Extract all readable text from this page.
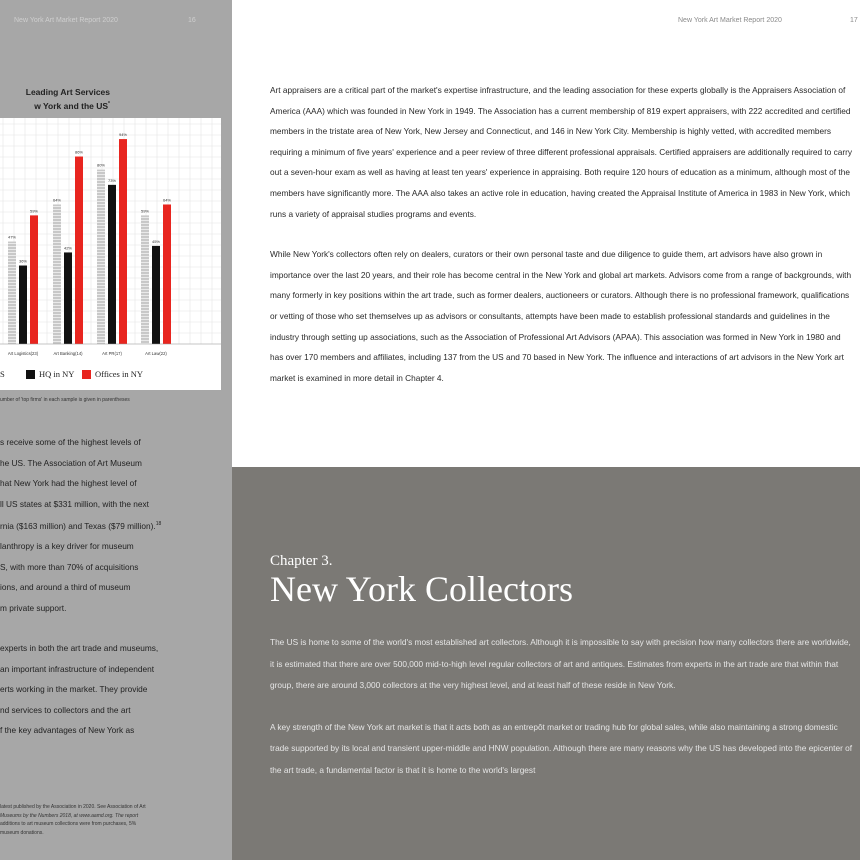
New York Art Market Report 2020	16
Leading Art Services
w York and the US*
47%
36%
59%
Art Logistics(23)
64%
42%
86%
Art Banking(14)
80%
73%
94%
Art PR(17)
59%
45%
64%
Art Law(22)
S	HQ in NY Offices in NY
umber of 'top firms' in each sample is given in parentheses

s receive some of the highest levels of

he US. The Association of Art Museum

hat New York had the highest level of

ll US states at $331 million, with the next

rnia ($163 million) and Texas ($79 million).$^{18}$

lanthropy is a key driver for museum

S, with more than 70% of acquisitions

ions, and around a third of museum

m private support.

experts in both the art trade and museums,

an important infrastructure of independent

erts working in the market. They provide

nd services to collectors and the art

f the key advantages of New York as

latest published by the Association in 2020. See Association of Art
Museums by the Numbers 2018, at www.aamd.org. The report
additions to art museum collections were from purchases, 5%
museum donations.
New York Art Market Report 2020	17

Art appraisers are a critical part of the market's expertise infrastructure, and the leading association for these experts globally is the Appraisers Association of America (AAA) which was founded in New York in 1949. The Association has a current membership of 819 expert appraisers, with 222 accredited and certified members in the tristate area of New York, New Jersey and Connecticut, and 146 in New York City. Membership is highly vetted, with accredited members requiring a minimum of five years' experience and a peer review of three different professional appraisals. Certified appraisers are additionally required to carry out a seven-hour exam as well as having at least ten years' experience in appraising. Both require 120 hours of education as a minimum, although most of the members have significantly more. The AAA also takes an active role in education, having created the Appraisal Institute of America in 1983 in New York, which runs a variety of appraisal studies programs and events.

While New York's collectors often rely on dealers, curators or their own personal taste and due diligence to guide them, art advisors have also grown in importance over the last 20 years, and their role has become central in the New York and global art markets. Advisors come from a range of backgrounds, with many formerly in key positions within the art trade, such as former dealers, auctioneers or curators. Although there is no professional framework, qualifications or vetting of those who set themselves up as advisors or consultants, attempts have been made to establish professional standards and guidelines in the industry through setting up associations, such as the Association of Professional Art Advisors (APAA). This association was formed in New York in 1980 and has over 170 members and affiliates, including 137 from the US and 70 based in New York. The influence and interactions of art advisors in the New York art market is examined in more detail in Chapter 4.

Chapter 3.
New York Collectors

The US is home to some of the world's most established art collectors. Although it is impossible to say with precision how many collectors there are worldwide, it is estimated that there are over 500,000 mid-to-high level regular collectors of art and antiques. Estimates from experts in the art trade are that within that group, there are around 3,000 collectors at the very highest level, and at least half of these reside in New York.

A key strength of the New York art market is that it acts both as an entrepôt market or trading hub for global sales, while also maintaining a strong domestic trade supported by its local and transient upper-middle and HNW population. Although there are many reasons why the US has developed into the epicenter of the art trade, a fundamental factor is that it is home to the world's largest
